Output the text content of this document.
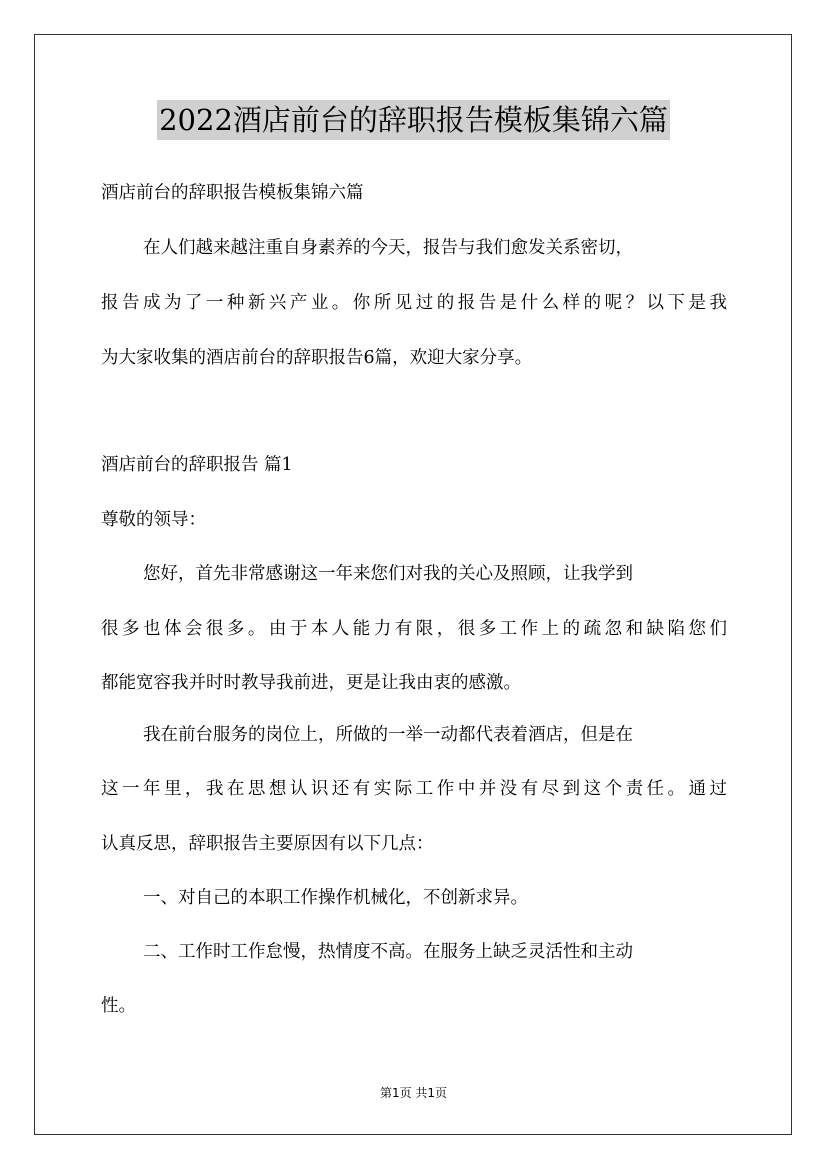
2022酒店前台的辞职报告模板集锦六篇
酒店前台的辞职报告模板集锦六篇
在人们越来越注重自身素养的今天，报告与我们愈发关系密切，
报告成为了一种新兴产业。你所见过的报告是什么样的呢？以下是我
为大家收集的酒店前台的辞职报告6篇，欢迎大家分享。
酒店前台的辞职报告 篇1
尊敬的领导：
您好，首先非常感谢这一年来您们对我的关心及照顾，让我学到
很多也体会很多。由于本人能力有限，很多工作上的疏忽和缺陷您们
都能宽容我并时时教导我前进，更是让我由衷的感激。
我在前台服务的岗位上，所做的一举一动都代表着酒店，但是在
这一年里，我在思想认识还有实际工作中并没有尽到这个责任。通过
认真反思，辞职报告主要原因有以下几点：
一、对自己的本职工作操作机械化，不创新求异。
二、工作时工作怠慢，热情度不高。在服务上缺乏灵活性和主动
性。
第1页 共1页
